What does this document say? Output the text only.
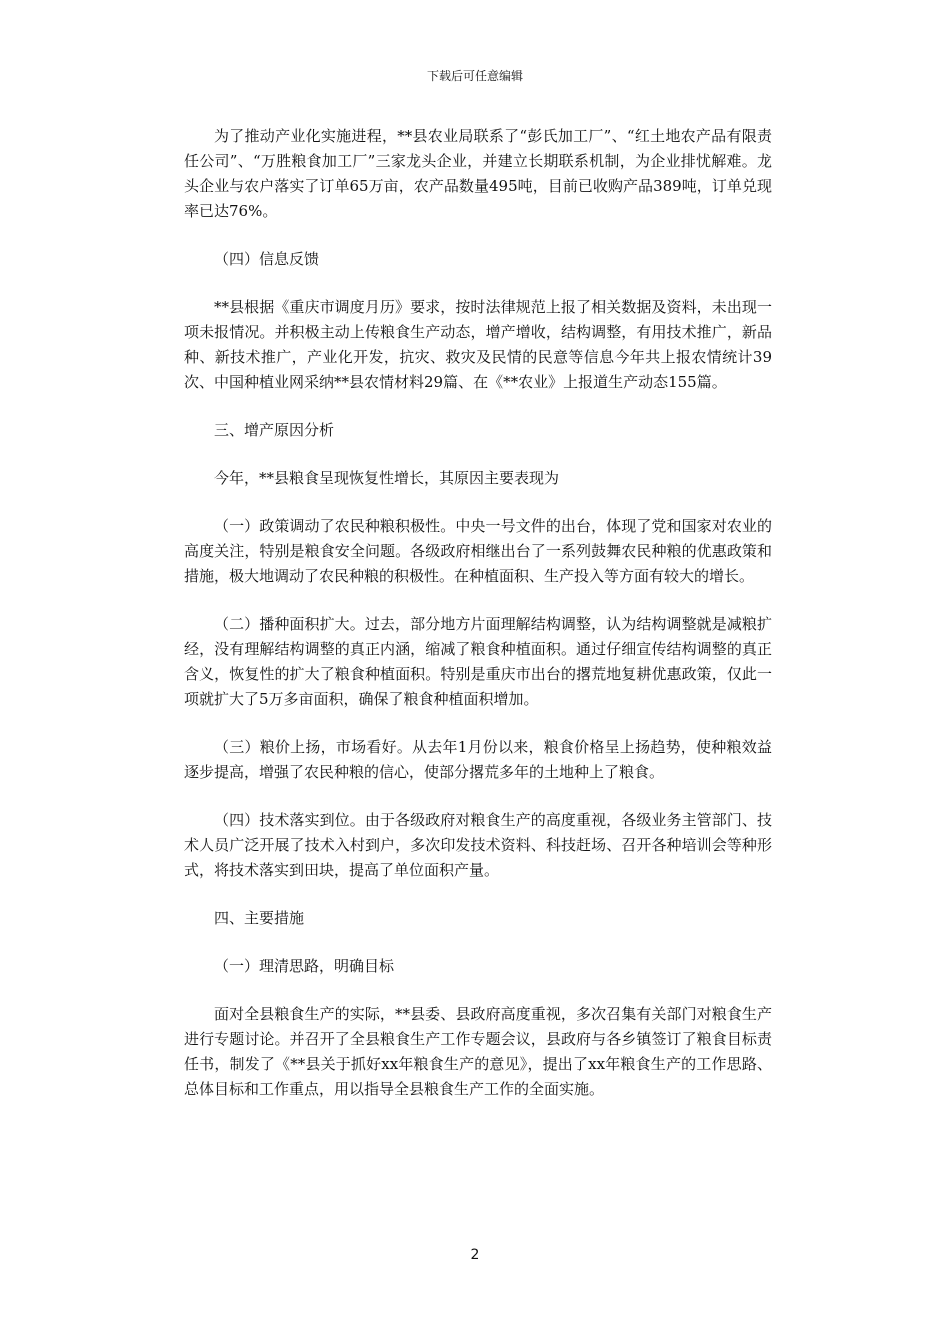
下载后可任意编辑

为了推动产业化实施进程，**县农业局联系了“彭氏加工厂”、“红土地农产品有限责任公司”、“万胜粮食加工厂”三家龙头企业，并建立长期联系机制，为企业排忧解难。龙头企业与农户落实了订单65万亩，农产品数量495吨，目前已收购产品389吨，订单兑现率已达76%。

（四）信息反馈

**县根据《重庆市调度月历》要求，按时法律规范上报了相关数据及资料，未出现一项未报情况。并积极主动上传粮食生产动态，增产增收，结构调整，有用技术推广，新品种、新技术推广，产业化开发，抗灾、救灾及民情的民意等信息今年共上报农情统计39次、中国种植业网采纳**县农情材料29篇、在《**农业》上报道生产动态155篇。

三、增产原因分析

今年，**县粮食呈现恢复性增长，其原因主要表现为

（一）政策调动了农民种粮积极性。中央一号文件的出台，体现了党和国家对农业的高度关注，特别是粮食安全问题。各级政府相继出台了一系列鼓舞农民种粮的优惠政策和措施，极大地调动了农民种粮的积极性。在种植面积、生产投入等方面有较大的增长。

（二）播种面积扩大。过去，部分地方片面理解结构调整，认为结构调整就是减粮扩经，没有理解结构调整的真正内涵，缩减了粮食种植面积。通过仔细宣传结构调整的真正含义，恢复性的扩大了粮食种植面积。特别是重庆市出台的撂荒地复耕优惠政策，仅此一项就扩大了5万多亩面积，确保了粮食种植面积增加。

（三）粮价上扬，市场看好。从去年1月份以来，粮食价格呈上扬趋势，使种粮效益逐步提高，增强了农民种粮的信心，使部分撂荒多年的土地种上了粮食。

（四）技术落实到位。由于各级政府对粮食生产的高度重视，各级业务主管部门、技术人员广泛开展了技术入村到户，多次印发技术资料、科技赶场、召开各种培训会等种形式，将技术落实到田块，提高了单位面积产量。

四、主要措施

（一）理清思路，明确目标

面对全县粮食生产的实际，**县委、县政府高度重视，多次召集有关部门对粮食生产进行专题讨论。并召开了全县粮食生产工作专题会议，县政府与各乡镇签订了粮食目标责任书，制发了《**县关于抓好xx年粮食生产的意见》，提出了xx年粮食生产的工作思路、总体目标和工作重点，用以指导全县粮食生产工作的全面实施。

2
